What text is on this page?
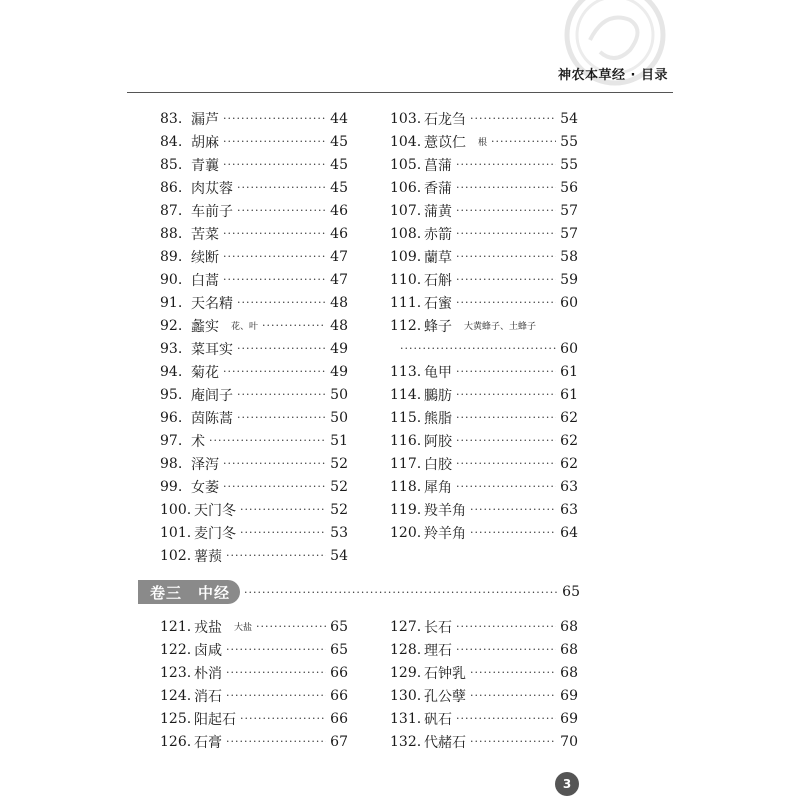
神农本草经 · 目录
83. 漏芦 ·····	44
84. 胡麻 ·····	45
85. 青蘘 ·····	45
86. 肉苁蓉 ·····	45
87. 车前子 ·····	46
88. 苦菜 ·····	46
89. 续断 ·····	47
90. 白蒿 ·····	47
91. 天名精 ·····	48
92. 蠡实 花、叶 ·····	48
93. 菜耳实 ·····	49
94. 菊花 ·····	49
95. 庵闾子 ·····	50
96. 茵陈蒿 ·····	50
97. 术 ·····	51
98. 泽泻 ·····	52
99. 女萎 ·····	52
100. 天门冬 ·····	52
101. 麦门冬 ·····	53
102. 薯蓣 ·····	54
103. 石龙刍 ·····	54
104. 薏苡仁 根 ·····	55
105. 菖蒲 ·····	55
106. 香蒲 ·····	56
107. 蒲黄 ·····	57
108. 赤箭 ·····	57
109. 蘭草 ·····	58
110. 石斛 ·····	59
111. 石蜜 ·····	60
112. 蜂子 大黄蜂子、土蜂子
·····
60
113. 龟甲 ·····	61
114. 鵩肪 ·····	61
115. 熊脂 ·····	62
116. 阿胶 ·····	62
117. 白胶 ·····	62
118. 犀角 ·····	63
119. 羖羊角 ·····	63
120. 羚羊角 ·····	64
卷三　中经 ·····	65
121. 戎盐 大盐 ·····	65
122. 卤咸 ·····	65
123. 朴消 ·····	66
124. 消石 ·····	66
125. 阳起石 ·····	66
126. 石膏 ·····	67
127. 长石 ·····	68
128. 理石 ·····	68
129. 石钟乳 ·····	68
130. 孔公孽 ·····	69
131. 矾石 ·····	69
132. 代赭石 ·····	70
3
